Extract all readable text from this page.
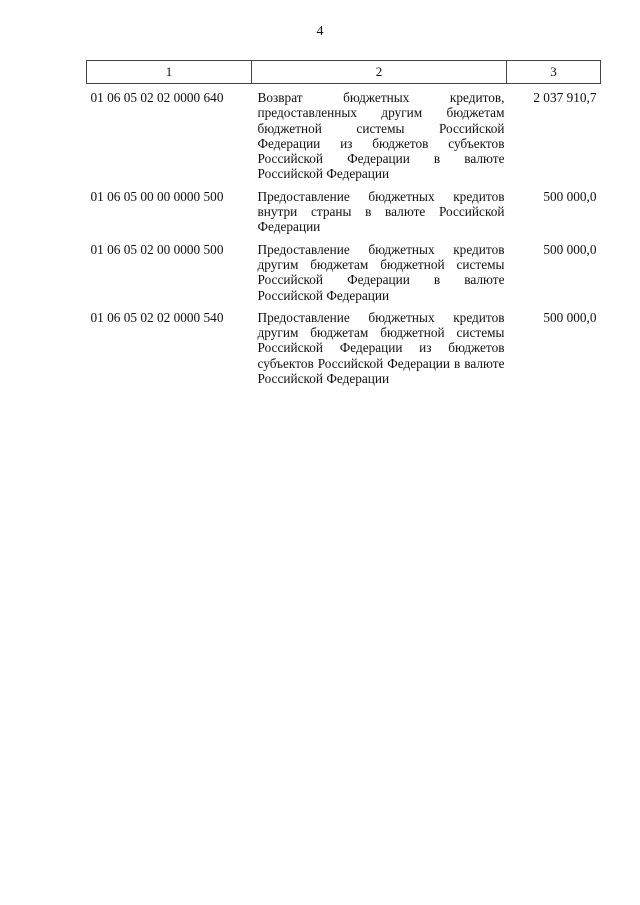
4
1	2	3
01 06 05 02 02 0000 640	Возврат бюджетных кредитов, предоставленных другим бюджетам бюджетной системы Российской Федерации из бюджетов субъектов Российской Федерации в валюте Российской Федерации	2 037 910,7
01 06 05 00 00 0000 500	Предоставление бюджетных кредитов внутри страны в валюте Российской Федерации	500 000,0
01 06 05 02 00 0000 500	Предоставление бюджетных кредитов другим бюджетам бюджетной системы Российской Федерации в валюте Российской Федерации	500 000,0
01 06 05 02 02 0000 540	Предоставление бюджетных кредитов другим бюджетам бюджетной системы Российской Федерации из бюджетов субъектов Российской Федерации в валюте Российской Федерации	500 000,0
